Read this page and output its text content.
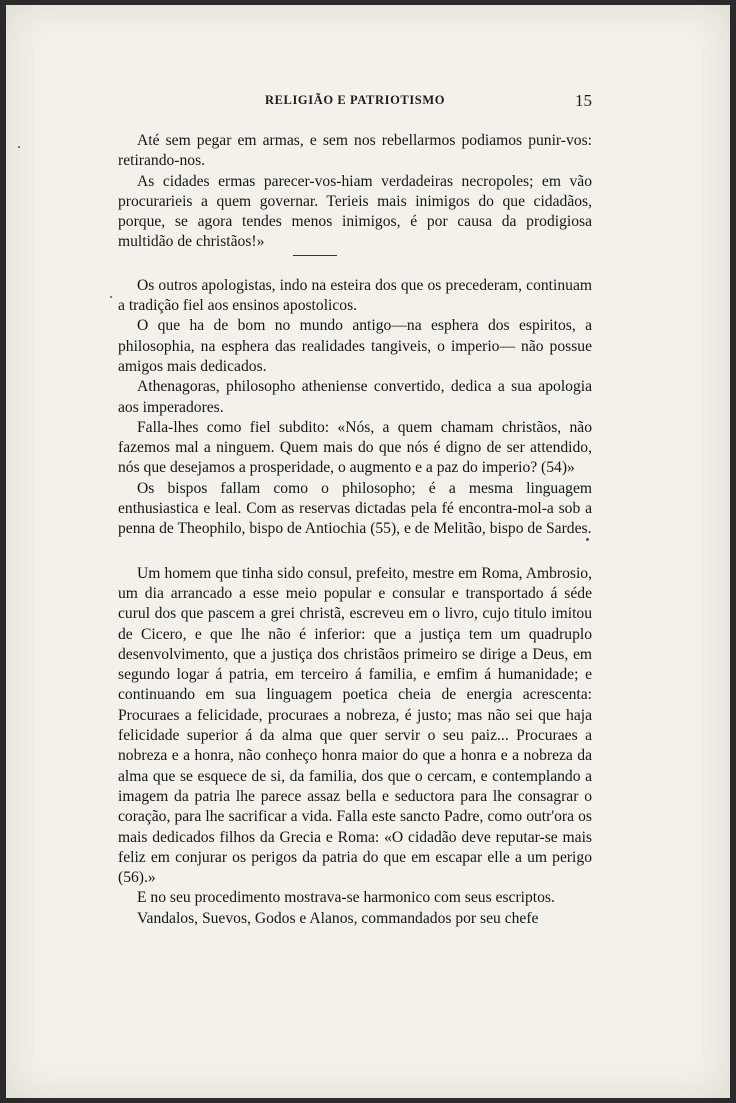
RELIGIÃO E PATRIOTISMO	15

Até sem pegar em armas, e sem nos rebellarmos podiamos punir-vos: retirando-nos.

As cidades ermas parecer-vos-hiam verdadeiras necropoles; em vão procurarieis a quem governar. Terieis mais inimigos do que cidadãos, porque, se agora tendes menos inimigos, é por causa da prodigiosa multidão de christãos!»

Os outros apologistas, indo na esteira dos que os precederam, continuam a tradição fiel aos ensinos apostolicos.

O que ha de bom no mundo antigo—na esphera dos espiritos, a philosophia, na esphera das realidades tangiveis, o imperio— não possue amigos mais dedicados.

Athenagoras, philosopho atheniense convertido, dedica a sua apologia aos imperadores.

Falla-lhes como fiel subdito: «Nós, a quem chamam christãos, não fazemos mal a ninguem. Quem mais do que nós é digno de ser attendido, nós que desejamos a prosperidade, o augmento e a paz do imperio? (54)»

Os bispos fallam como o philosopho; é a mesma linguagem enthusiastica e leal. Com as reservas dictadas pela fé encontra-mol-a sob a penna de Theophilo, bispo de Antiochia (55), e de Melitão, bispo de Sardes.

Um homem que tinha sido consul, prefeito, mestre em Roma, Ambrosio, um dia arrancado a esse meio popular e consular e transportado á séde curul dos que pascem a grei christã, escreveu em o livro, cujo titulo imitou de Cicero, e que lhe não é inferior: que a justiça tem um quadruplo desenvolvimento, que a justiça dos christãos primeiro se dirige a Deus, em segundo logar á patria, em terceiro á familia, e emfim á humanidade; e continuando em sua linguagem poetica cheia de energia acrescenta: Procuraes a felicidade, procuraes a nobreza, é justo; mas não sei que haja felicidade superior á da alma que quer servir o seu paiz... Procuraes a nobreza e a honra, não conheço honra maior do que a honra e a nobreza da alma que se esquece de si, da familia, dos que o cercam, e contemplando a imagem da patria lhe parece assaz bella e seductora para lhe consagrar o coração, para lhe sacrificar a vida. Falla este sancto Padre, como outr'ora os mais dedicados filhos da Grecia e Roma: «O cidadão deve reputar-se mais feliz em conjurar os perigos da patria do que em escapar elle a um perigo (56).»

E no seu procedimento mostrava-se harmonico com seus escriptos.

Vandalos, Suevos, Godos e Alanos, commandados por seu chefe
